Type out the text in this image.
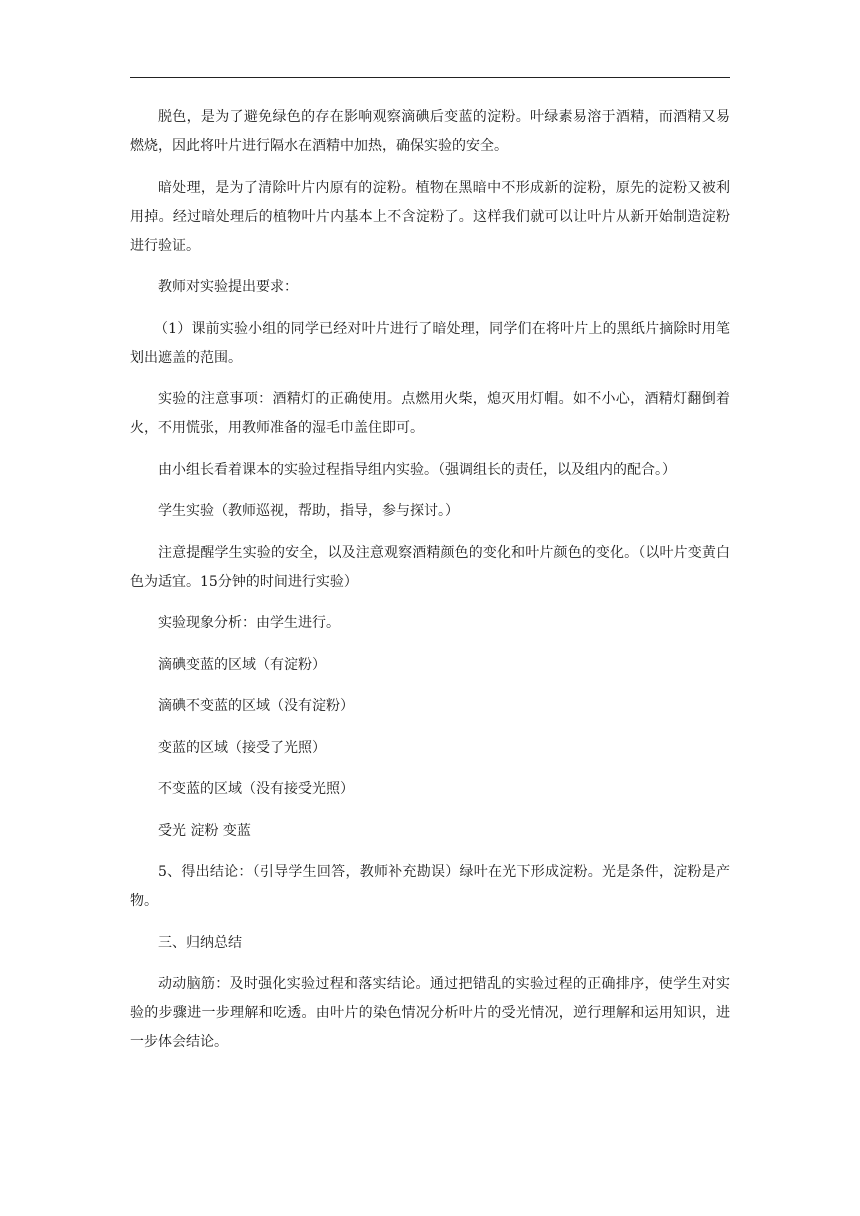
脱色，是为了避免绿色的存在影响观察滴碘后变蓝的淀粉。叶绿素易溶于酒精，而酒精又易燃烧，因此将叶片进行隔水在酒精中加热，确保实验的安全。

暗处理，是为了清除叶片内原有的淀粉。植物在黑暗中不形成新的淀粉，原先的淀粉又被利用掉。经过暗处理后的植物叶片内基本上不含淀粉了。这样我们就可以让叶片从新开始制造淀粉进行验证。

教师对实验提出要求：

（1）课前实验小组的同学已经对叶片进行了暗处理，同学们在将叶片上的黑纸片摘除时用笔划出遮盖的范围。

实验的注意事项：酒精灯的正确使用。点燃用火柴，熄灭用灯帽。如不小心，酒精灯翻倒着火，不用慌张，用教师准备的湿毛巾盖住即可。

由小组长看着课本的实验过程指导组内实验。（强调组长的责任，以及组内的配合。）

学生实验（教师巡视，帮助，指导，参与探讨。）

注意提醒学生实验的安全，以及注意观察酒精颜色的变化和叶片颜色的变化。（以叶片变黄白色为适宜。15分钟的时间进行实验）

实验现象分析：由学生进行。

滴碘变蓝的区域（有淀粉）

滴碘不变蓝的区域（没有淀粉）

变蓝的区域（接受了光照）

不变蓝的区域（没有接受光照）

受光 淀粉 变蓝

5、得出结论：（引导学生回答，教师补充勘误）绿叶在光下形成淀粉。光是条件，淀粉是产物。

三、归纳总结

动动脑筋：及时强化实验过程和落实结论。通过把错乱的实验过程的正确排序，使学生对实验的步骤进一步理解和吃透。由叶片的染色情况分析叶片的受光情况，逆行理解和运用知识，进一步体会结论。
